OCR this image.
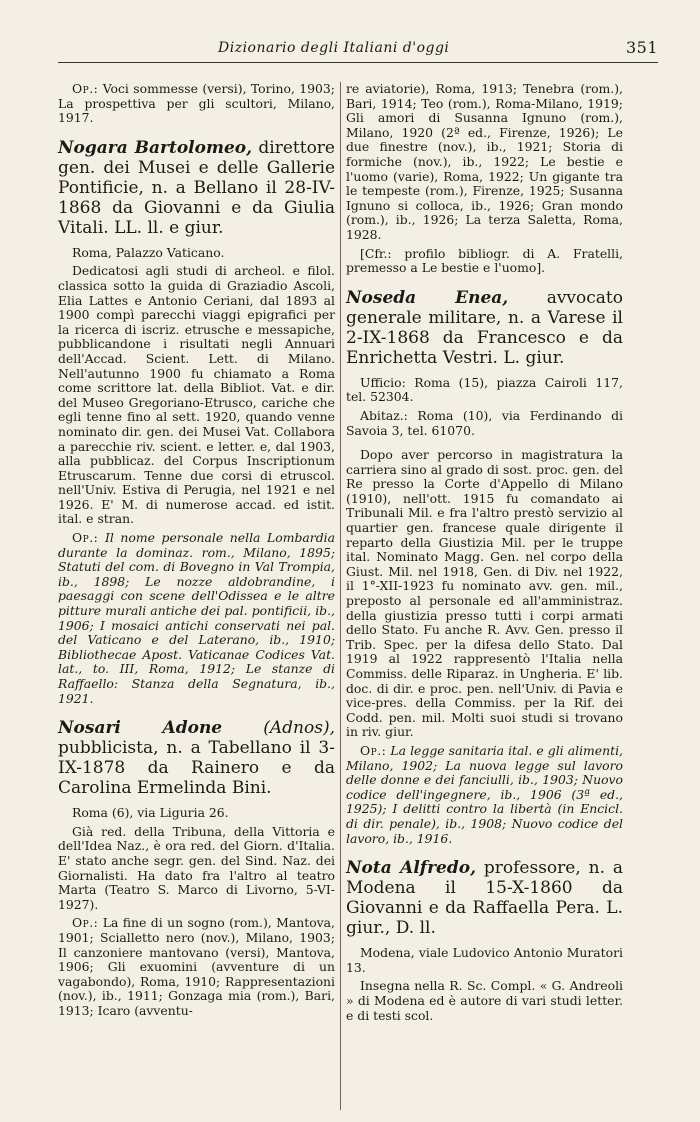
Dizionario degli Italiani d'oggi	351

Op.: Voci sommesse (versi), Torino, 1903; La prospettiva per gli scultori, Milano, 1917.

Nogara Bartolomeo, direttore gen. dei Musei e delle Gallerie Pontificie, n. a Bellano il 28-IV-1868 da Giovanni e da Giulia Vitali. LL. ll. e giur.

Roma, Palazzo Vaticano.

Dedicatosi agli studi di archeol. e filol. classica sotto la guida di Graziadio Ascoli, Elia Lattes e Antonio Ceriani, dal 1893 al 1900 compì parecchi viaggi epigrafici per la ricerca di iscriz. etrusche e messapiche, pubblicandone i risultati negli Annuari dell'Accad. Scient. Lett. di Milano. Nell'autunno 1900 fu chiamato a Roma come scrittore lat. della Bibliot. Vat. e dir. del Museo Gregoriano-Etrusco, cariche che egli tenne fino al sett. 1920, quando venne nominato dir. gen. dei Musei Vat. Collabora a parecchie riv. scient. e letter. e, dal 1903, alla pubblicaz. del Corpus Inscriptionum Etruscarum. Tenne due corsi di etruscol. nell'Univ. Estiva di Perugia, nel 1921 e nel 1926. E' M. di numerose accad. ed istit. ital. e stran.

Op.: Il nome personale nella Lombardia durante la dominaz. rom., Milano, 1895; Statuti del com. di Bovegno in Val Trompia, ib., 1898; Le nozze aldobrandine, i paesaggi con scene dell'Odissea e le altre pitture murali antiche dei pal. pontificii, ib., 1906; I mosaici antichi conservati nei pal. del Vaticano e del Laterano, ib., 1910; Bibliothecae Apost. Vaticanae Codices Vat. lat., to. III, Roma, 1912; Le stanze di Raffaello: Stanza della Segnatura, ib., 1921.

Nosari Adone (Adnos), pubblicista, n. a Tabellano il 3-IX-1878 da Rainero e da Carolina Ermelinda Bini.

Roma (6), via Liguria 26.

Già red. della Tribuna, della Vittoria e dell'Idea Naz., è ora red. del Giorn. d'Italia. E' stato anche segr. gen. del Sind. Naz. dei Giornalisti. Ha dato fra l'altro al teatro Marta (Teatro S. Marco di Livorno, 5-VI-1927).

Op.: La fine di un sogno (rom.), Mantova, 1901; Scialletto nero (nov.), Milano, 1903; Il canzoniere mantovano (versi), Mantova, 1906; Gli exuomini (avventure di un vagabondo), Roma, 1910; Rappresentazioni (nov.), ib., 1911; Gonzaga mia (rom.), Bari, 1913; Icaro (avventu-

re aviatorie), Roma, 1913; Tenebra (rom.), Bari, 1914; Teo (rom.), Roma-Milano, 1919; Gli amori di Susanna Ignuno (rom.), Milano, 1920 (2ª ed., Firenze, 1926); Le due finestre (nov.), ib., 1921; Storia di formiche (nov.), ib., 1922; Le bestie e l'uomo (varie), Roma, 1922; Un gigante tra le tempeste (rom.), Firenze, 1925; Susanna Ignuno si colloca, ib., 1926; Gran mondo (rom.), ib., 1926; La terza Saletta, Roma, 1928.

[Cfr.: profilo bibliogr. di A. Fratelli, premesso a Le bestie e l'uomo].

Noseda Enea, avvocato generale militare, n. a Varese il 2-IX-1868 da Francesco e da Enrichetta Vestri. L. giur.

Ufficio: Roma (15), piazza Cairoli 117, tel. 52304.

Abitaz.: Roma (10), via Ferdinando di Savoia 3, tel. 61070.

Dopo aver percorso in magistratura la carriera sino al grado di sost. proc. gen. del Re presso la Corte d'Appello di Milano (1910), nell'ott. 1915 fu comandato ai Tribunali Mil. e fra l'altro prestò servizio al quartier gen. francese quale dirigente il reparto della Giustizia Mil. per le truppe ital. Nominato Magg. Gen. nel corpo della Giust. Mil. nel 1918, Gen. di Div. nel 1922, il 1°-XII-1923 fu nominato avv. gen. mil., preposto al personale ed all'amministraz. della giustizia presso tutti i corpi armati dello Stato. Fu anche R. Avv. Gen. presso il Trib. Spec. per la difesa dello Stato. Dal 1919 al 1922 rappresentò l'Italia nella Commiss. delle Riparaz. in Ungheria. E' lib. doc. di dir. e proc. pen. nell'Univ. di Pavia e vice-pres. della Commiss. per la Rif. dei Codd. pen. mil. Molti suoi studi si trovano in riv. giur.

Op.: La legge sanitaria ital. e gli alimenti, Milano, 1902; La nuova legge sul lavoro delle donne e dei fanciulli, ib., 1903; Nuovo codice dell'ingegnere, ib., 1906 (3ª ed., 1925); I delitti contro la libertà (in Encicl. di dir. penale), ib., 1908; Nuovo codice del lavoro, ib., 1916.

Nota Alfredo, professore, n. a Modena il 15-X-1860 da Giovanni e da Raffaella Pera. L. giur., D. ll.

Modena, viale Ludovico Antonio Muratori 13.

Insegna nella R. Sc. Compl. « G. Andreoli » di Modena ed è autore di vari studi letter. e di testi scol.
